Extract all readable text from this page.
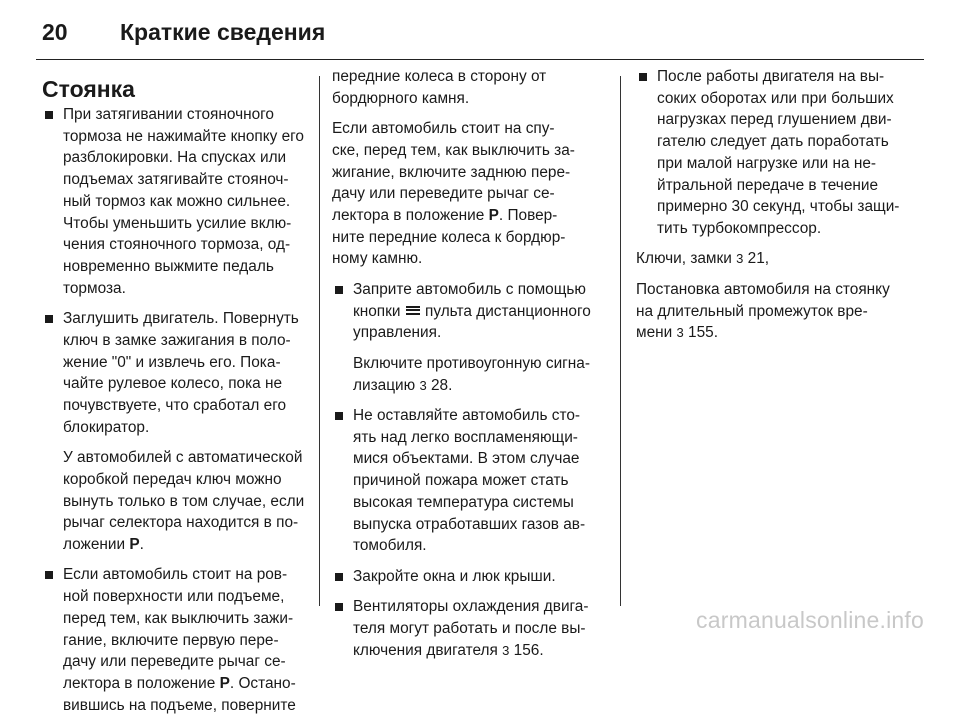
20	Краткие сведения
Стоянка
При затягивании стояночного
тормоза не нажимайте кнопку его
разблокировки. На спусках или
подъемах затягивайте стояноч-
ный тормоз как можно сильнее.
Чтобы уменьшить усилие вклю-
чения стояночного тормоза, од-
новременно выжмите педаль
тормоза.
Заглушить двигатель. Повернуть
ключ в замке зажигания в поло-
жение "0" и извлечь его. Пока-
чайте рулевое колесо, пока не
почувствуете, что сработал его
блокиратор.
У автомобилей с автоматической
коробкой передач ключ можно
вынуть только в том случае, если
рычаг селектора находится в по-
ложении P.
Если автомобиль стоит на ров-
ной поверхности или подъеме,
перед тем, как выключить зажи-
гание, включите первую пере-
дачу или переведите рычаг се-
лектора в положение P. Остано-
вившись на подъеме, поверните
передние колеса в сторону от
бордюрного камня.
Если автомобиль стоит на спу-
ске, перед тем, как выключить за-
жигание, включите заднюю пере-
дачу или переведите рычаг се-
лектора в положение P. Повер-
ните передние колеса к бордюр-
ному камню.
Заприте автомобиль с помощью
кнопки  пульта дистанционного
управления.
Включите противоугонную сигна-
лизацию 3 28.
Не оставляйте автомобиль сто-
ять над легко воспламеняющи-
мися объектами. В этом случае
причиной пожара может стать
высокая температура системы
выпуска отработавших газов ав-
томобиля.
Закройте окна и люк крыши.
Вентиляторы охлаждения двига-
теля могут работать и после вы-
ключения двигателя 3 156.
После работы двигателя на вы-
соких оборотах или при больших
нагрузках перед глушением дви-
гателю следует дать поработать
при малой нагрузке или на не-
йтральной передаче в течение
примерно 30 секунд, чтобы защи-
тить турбокомпрессор.
Ключи, замки 3 21,
Постановка автомобиля на стоянку
на длительный промежуток вре-
мени 3 155.
carmanualsonline.info
